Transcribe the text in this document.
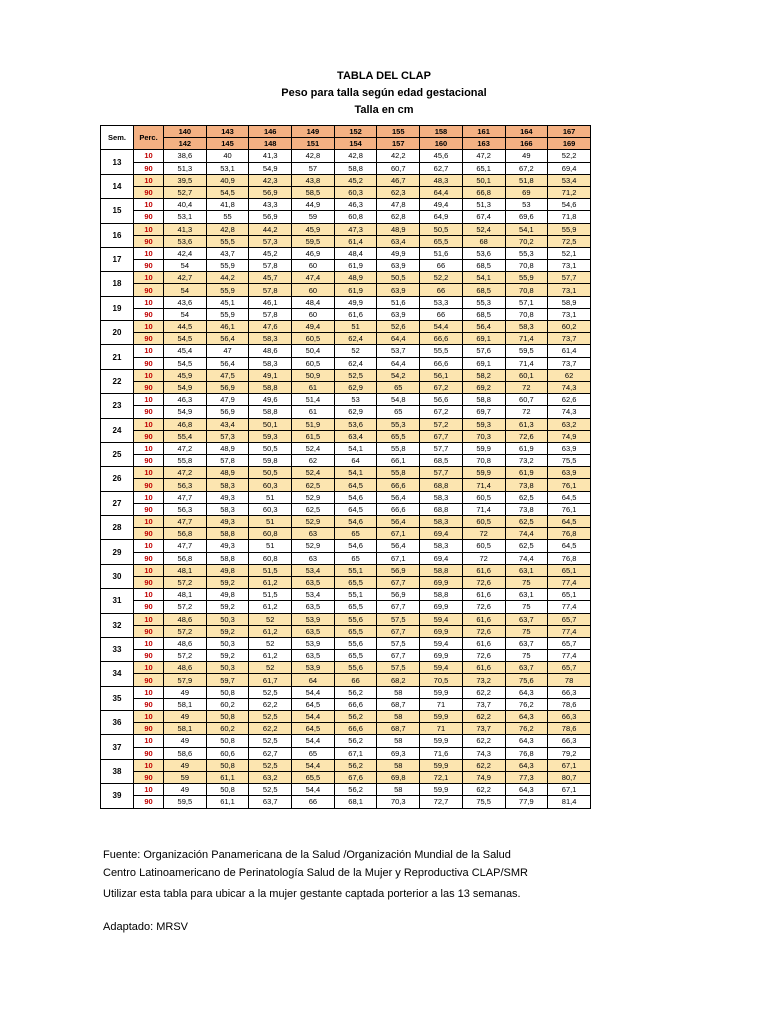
TABLA DEL CLAP
Peso para talla según edad gestacional
Talla en cm
Sem.	Perc.	140	143	146	149	152	155	158	161	164	167
		142	145	148	151	154	157	160	163	166	169
13	10	38,6	40	41,3	42,8	42,8	42,2	45,6	47,2	49	52,2
	90	51,3	53,1	54,9	57	58,8	60,7	62,7	65,1	67,2	69,4
14	10	39,5	40,9	42,3	43,8	45,2	46,7	48,3	50,1	51,8	53,4
	90	52,7	54,5	56,9	58,5	60,3	62,3	64,4	66,8	69	71,2
15	10	40,4	41,8	43,3	44,9	46,3	47,8	49,4	51,3	53	54,6
	90	53,1	55	56,9	59	60,8	62,8	64,9	67,4	69,6	71,8
16	10	41,3	42,8	44,2	45,9	47,3	48,9	50,5	52,4	54,1	55,9
	90	53,6	55,5	57,3	59,5	61,4	63,4	65,5	68	70,2	72,5
17	10	42,4	43,7	45,2	46,9	48,4	49,9	51,6	53,6	55,3	52,1
	90	54	55,9	57,8	60	61,9	63,9	66	68,5	70,8	73,1
18	10	42,7	44,2	45,7	47,4	48,9	50,5	52,2	54,1	55,9	57,7
	90	54	55,9	57,8	60	61,9	63,9	66	68,5	70,8	73,1
19	10	43,6	45,1	46,1	48,4	49,9	51,6	53,3	55,3	57,1	58,9
	90	54	55,9	57,8	60	61,6	63,9	66	68,5	70,8	73,1
20	10	44,5	46,1	47,6	49,4	51	52,6	54,4	56,4	58,3	60,2
	90	54,5	56,4	58,3	60,5	62,4	64,4	66,6	69,1	71,4	73,7
21	10	45,4	47	48,6	50,4	52	53,7	55,5	57,6	59,5	61,4
	90	54,5	56,4	58,3	60,5	62,4	64,4	66,6	69,1	71,4	73,7
22	10	45,9	47,5	49,1	50,9	52,5	54,2	56,1	58,2	60,1	62
	90	54,9	56,9	58,8	61	62,9	65	67,2	69,2	72	74,3
23	10	46,3	47,9	49,6	51,4	53	54,8	56,6	58,8	60,7	62,6
	90	54,9	56,9	58,8	61	62,9	65	67,2	69,7	72	74,3
24	10	46,8	43,4	50,1	51,9	53,6	55,3	57,2	59,3	61,3	63,2
	90	55,4	57,3	59,3	61,5	63,4	65,5	67,7	70,3	72,6	74,9
25	10	47,2	48,9	50,5	52,4	54,1	55,8	57,7	59,9	61,9	63,9
	90	55,8	57,8	59,8	62	64	66,1	68,5	70,8	73,2	75,5
26	10	47,2	48,9	50,5	52,4	54,1	55,8	57,7	59,9	61,9	63,9
	90	56,3	58,3	60,3	62,5	64,5	66,6	68,8	71,4	73,8	76,1
27	10	47,7	49,3	51	52,9	54,6	56,4	58,3	60,5	62,5	64,5
	90	56,3	58,3	60,3	62,5	64,5	66,6	68,8	71,4	73,8	76,1
28	10	47,7	49,3	51	52,9	54,6	56,4	58,3	60,5	62,5	64,5
	90	56,8	58,8	60,8	63	65	67,1	69,4	72	74,4	76,8
29	10	47,7	49,3	51	52,9	54,6	56,4	58,3	60,5	62,5	64,5
	90	56,8	58,8	60,8	63	65	67,1	69,4	72	74,4	76,8
30	10	48,1	49,8	51,5	53,4	55,1	56,9	58,8	61,6	63,1	65,1
	90	57,2	59,2	61,2	63,5	65,5	67,7	69,9	72,6	75	77,4
31	10	48,1	49,8	51,5	53,4	55,1	56,9	58,8	61,6	63,1	65,1
	90	57,2	59,2	61,2	63,5	65,5	67,7	69,9	72,6	75	77,4
32	10	48,6	50,3	52	53,9	55,6	57,5	59,4	61,6	63,7	65,7
	90	57,2	59,2	61,2	63,5	65,5	67,7	69,9	72,6	75	77,4
33	10	48,6	50,3	52	53,9	55,6	57,5	59,4	61,6	63,7	65,7
	90	57,2	59,2	61,2	63,5	65,5	67,7	69,9	72,6	75	77,4
34	10	48,6	50,3	52	53,9	55,6	57,5	59,4	61,6	63,7	65,7
	90	57,9	59,7	61,7	64	66	68,2	70,5	73,2	75,6	78
35	10	49	50,8	52,5	54,4	56,2	58	59,9	62,2	64,3	66,3
	90	58,1	60,2	62,2	64,5	66,6	68,7	71	73,7	76,2	78,6
36	10	49	50,8	52,5	54,4	56,2	58	59,9	62,2	64,3	66,3
	90	58,1	60,2	62,2	64,5	66,6	68,7	71	73,7	76,2	78,6
37	10	49	50,8	52,5	54,4	56,2	58	59,9	62,2	64,3	66,3
	90	58,6	60,6	62,7	65	67,1	69,3	71,6	74,3	76,8	79,2
38	10	49	50,8	52,5	54,4	56,2	58	59,9	62,2	64,3	67,1
	90	59	61,1	63,2	65,5	67,6	69,8	72,1	74,9	77,3	80,7
39	10	49	50,8	52,5	54,4	56,2	58	59,9	62,2	64,3	67,1
	90	59,5	61,1	63,7	66	68,1	70,3	72,7	75,5	77,9	81,4
Fuente: Organización Panamericana de la Salud /Organización Mundial de la Salud
Centro Latinoamericano de Perinatología Salud de la Mujer y Reproductiva CLAP/SMR
Utilizar esta tabla para ubicar a la mujer gestante captada porterior a las 13 semanas.
Adaptado: MRSV
